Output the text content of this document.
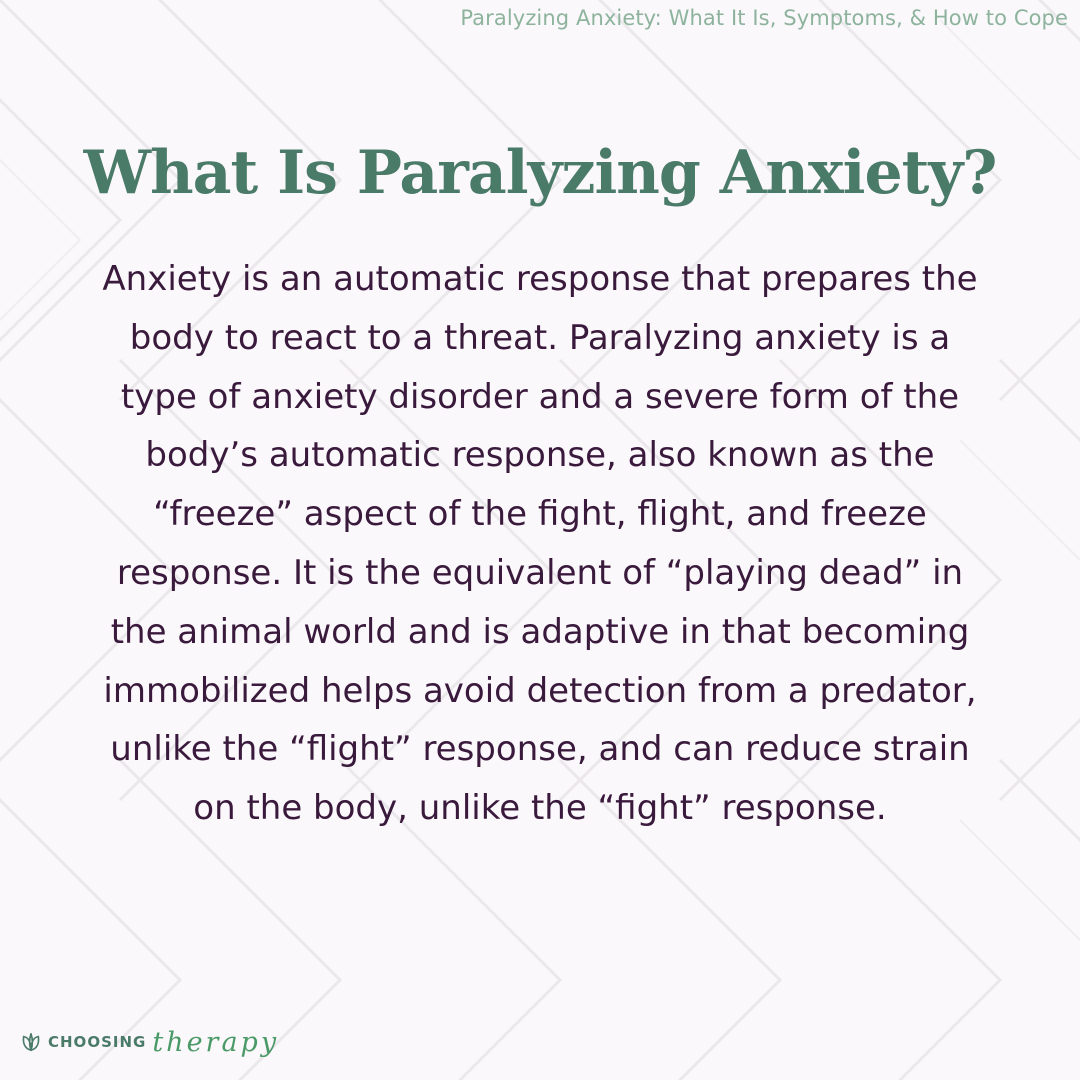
Paralyzing Anxiety: What It Is, Symptoms, & How to Cope
What Is Paralyzing Anxiety?

Anxiety is an automatic response that prepares the body to react to a threat. Paralyzing anxiety is a type of anxiety disorder and a severe form of the body’s automatic response, also known as the “freeze” aspect of the fight, flight, and freeze response. It is the equivalent of “playing dead” in the animal world and is adaptive in that becoming immobilized helps avoid detection from a predator, unlike the “flight” response, and can reduce strain on the body, unlike the “fight” response.

CHOOSING therapy
